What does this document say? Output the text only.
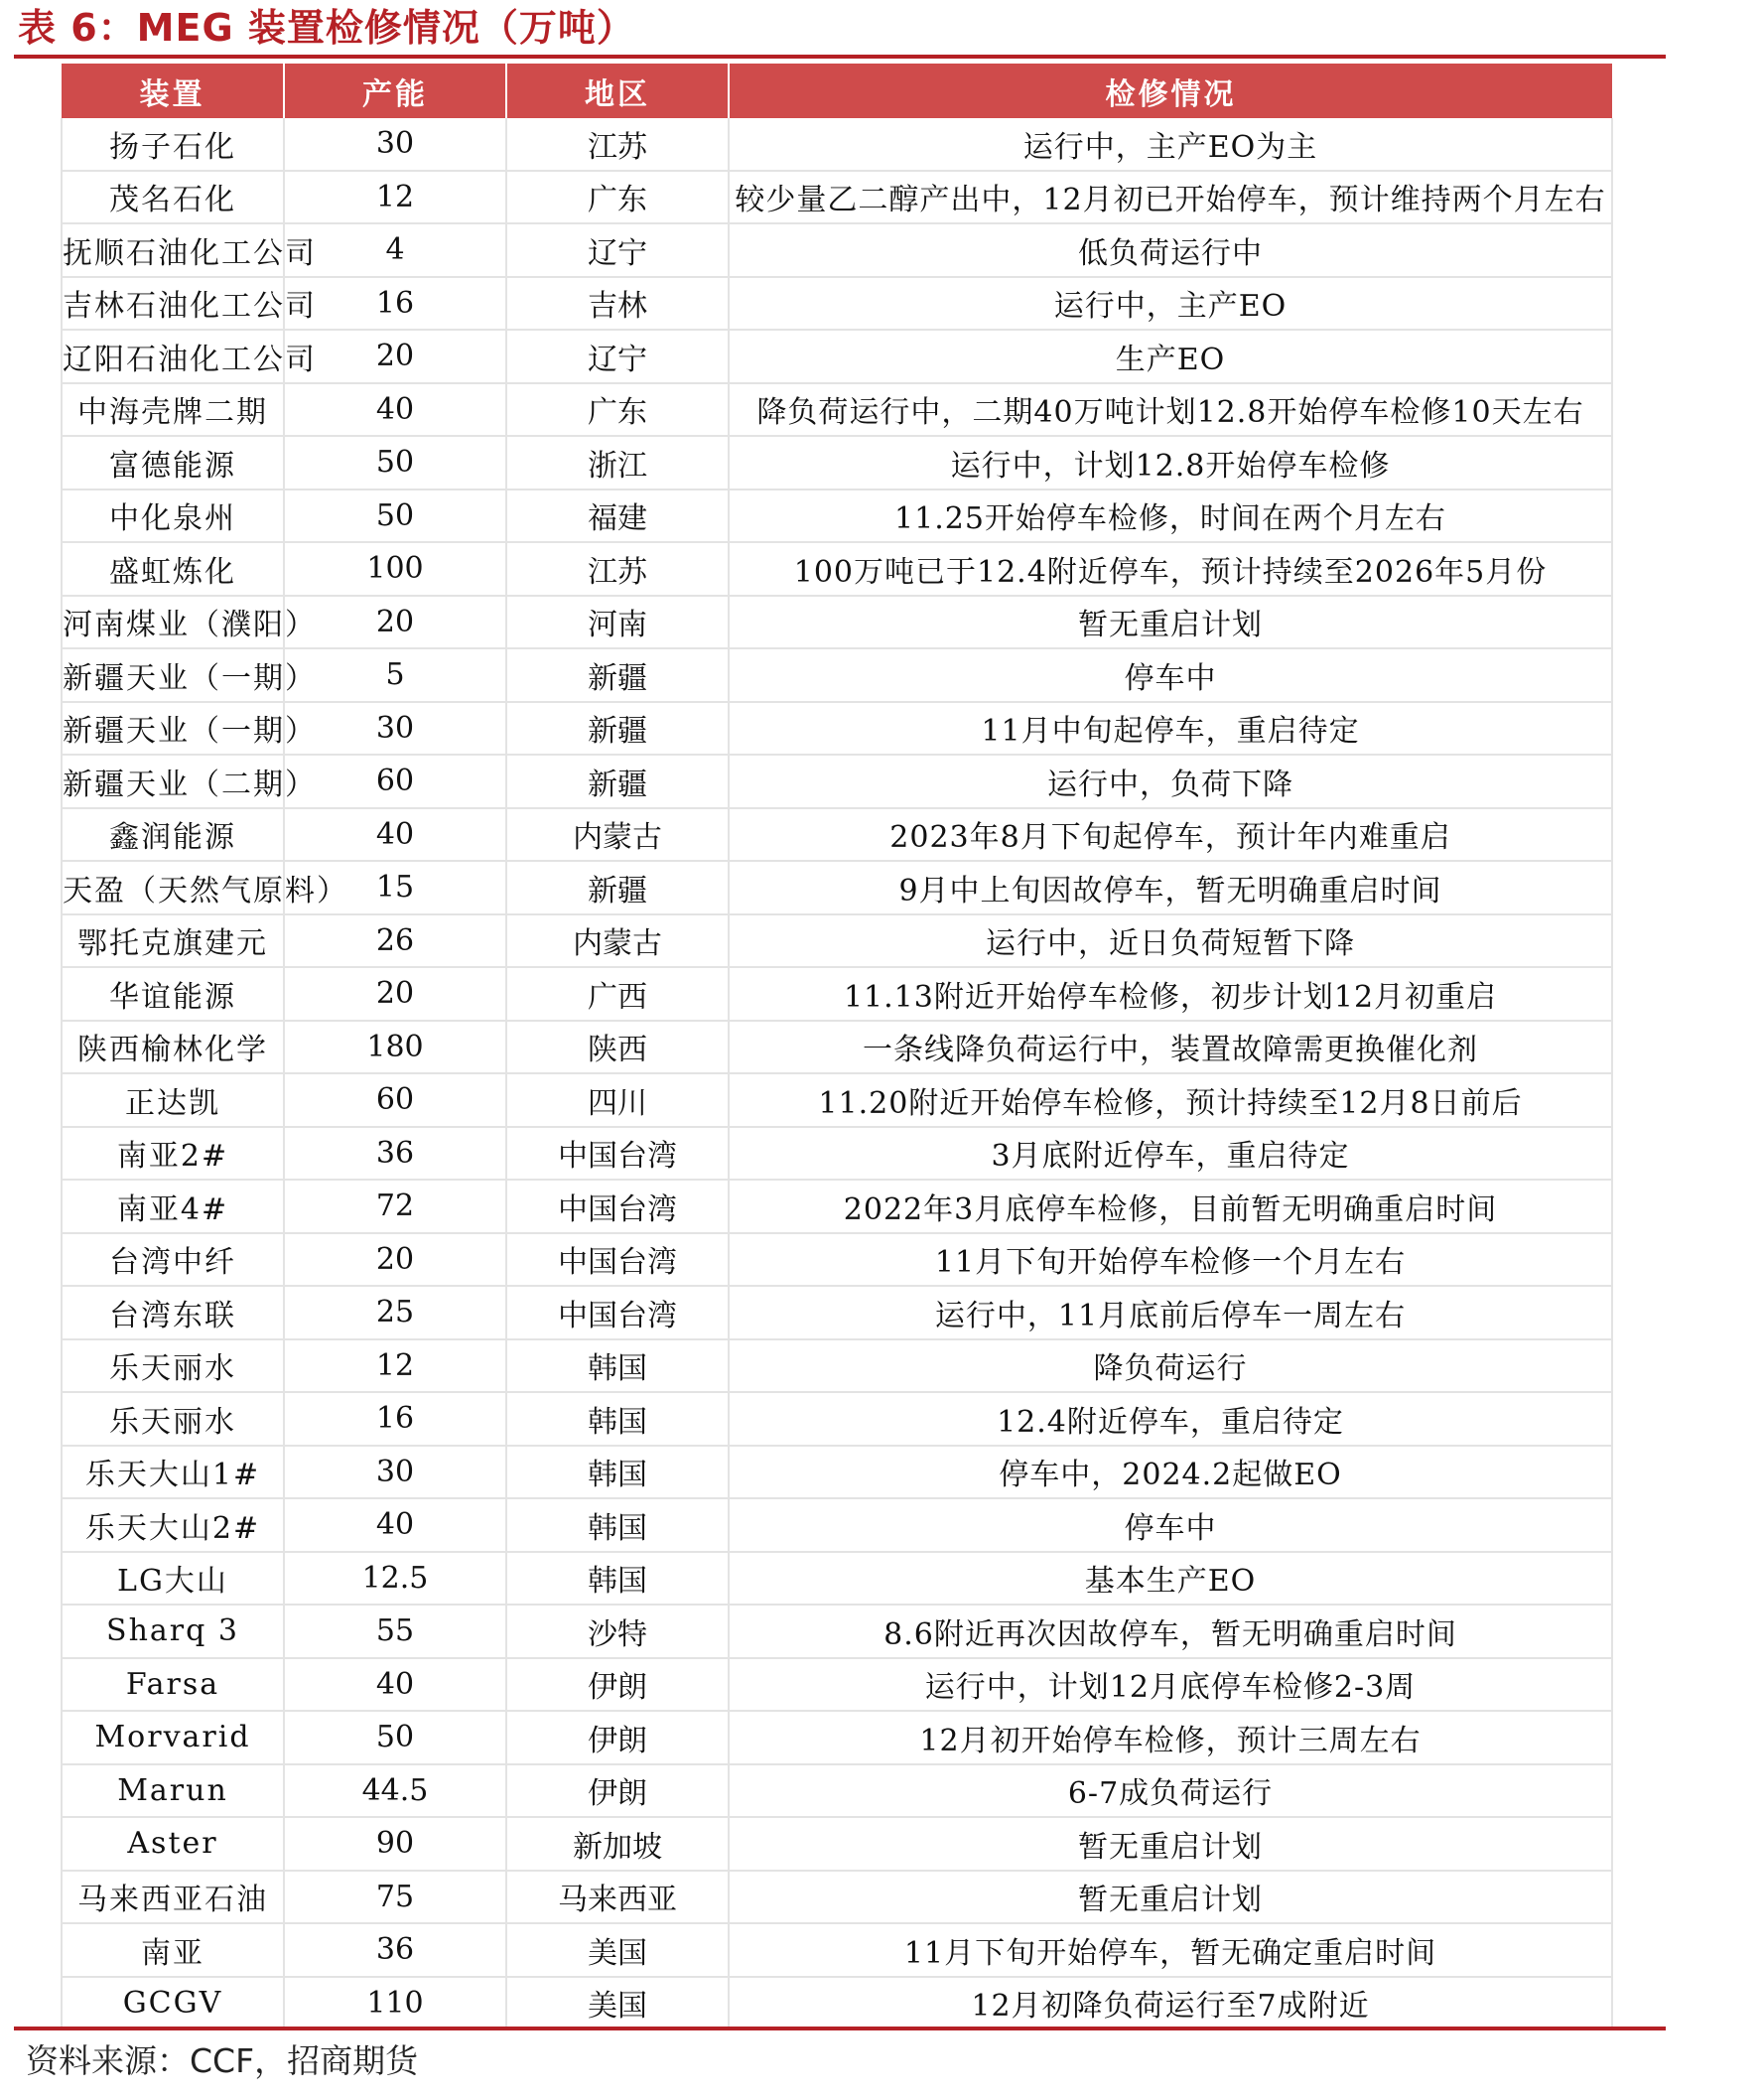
表 6：MEG 装置检修情况（万吨）
装置	产能	地区	检修情况
扬子石化	30	江苏	运行中，主产EO为主
茂名石化	12	广东	较少量乙二醇产出中，12月初已开始停车，预计维持两个月左右
抚顺石油化工公司	4	辽宁	低负荷运行中
吉林石油化工公司	16	吉林	运行中，主产EO
辽阳石油化工公司	20	辽宁	生产EO
中海壳牌二期	40	广东	降负荷运行中，二期40万吨计划12.8开始停车检修10天左右
富德能源	50	浙江	运行中，计划12.8开始停车检修
中化泉州	50	福建	11.25开始停车检修，时间在两个月左右
盛虹炼化	100	江苏	100万吨已于12.4附近停车，预计持续至2026年5月份
河南煤业（濮阳）	20	河南	暂无重启计划
新疆天业（一期）	5	新疆	停车中
新疆天业（一期）	30	新疆	11月中旬起停车，重启待定
新疆天业（二期）	60	新疆	运行中，负荷下降
鑫润能源	40	内蒙古	2023年8月下旬起停车，预计年内难重启
天盈（天然气原料）	15	新疆	9月中上旬因故停车，暂无明确重启时间
鄂托克旗建元	26	内蒙古	运行中，近日负荷短暂下降
华谊能源	20	广西	11.13附近开始停车检修，初步计划12月初重启
陕西榆林化学	180	陕西	一条线降负荷运行中，装置故障需更换催化剂
正达凯	60	四川	11.20附近开始停车检修，预计持续至12月8日前后
南亚2#	36	中国台湾	3月底附近停车，重启待定
南亚4#	72	中国台湾	2022年3月底停车检修，目前暂无明确重启时间
台湾中纤	20	中国台湾	11月下旬开始停车检修一个月左右
台湾东联	25	中国台湾	运行中，11月底前后停车一周左右
乐天丽水	12	韩国	降负荷运行
乐天丽水	16	韩国	12.4附近停车，重启待定
乐天大山1#	30	韩国	停车中，2024.2起做EO
乐天大山2#	40	韩国	停车中
LG大山	12.5	韩国	基本生产EO
Sharq 3	55	沙特	8.6附近再次因故停车，暂无明确重启时间
Farsa	40	伊朗	运行中，计划12月底停车检修2-3周
Morvarid	50	伊朗	12月初开始停车检修，预计三周左右
Marun	44.5	伊朗	6-7成负荷运行
Aster	90	新加坡	暂无重启计划
马来西亚石油	75	马来西亚	暂无重启计划
南亚	36	美国	11月下旬开始停车，暂无确定重启时间
GCGV	110	美国	12月初降负荷运行至7成附近
资料来源：CCF，招商期货
